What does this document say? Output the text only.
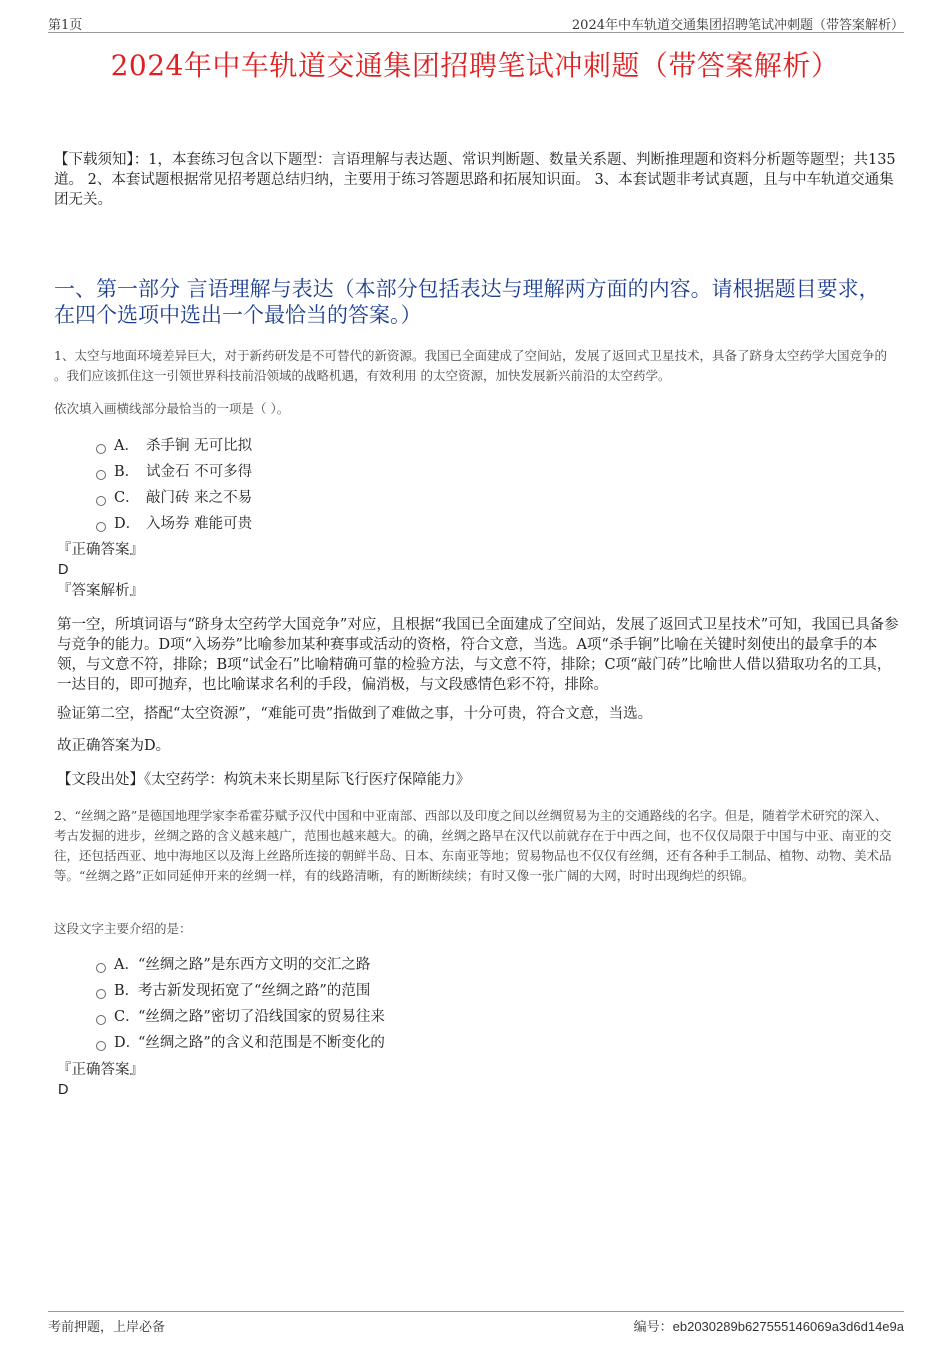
第1页	2024年中车轨道交通集团招聘笔试冲刺题（带答案解析）
2024年中车轨道交通集团招聘笔试冲刺题（带答案解析）
【下载须知】：1，本套练习包含以下题型：言语理解与表达题、常识判断题、数量关系题、判断推理题和资料分析题等题型；共135道。 2、本套试题根据常见招考题总结归纳，主要用于练习答题思路和拓展知识面。 3、本套试题非考试真题，且与中车轨道交通集团无关。
一、第一部分 言语理解与表达（本部分包括表达与理解两方面的内容。请根据题目要求，在四个选项中选出一个最恰当的答案。）
1、太空与地面环境差异巨大，对于新药研发是不可替代的新资源。我国已全面建成了空间站，发展了返回式卫星技术，具备了跻身太空药学大国竞争的 。我们应该抓住这一引领世界科技前沿领域的战略机遇，有效利用 的太空资源，加快发展新兴前沿的太空药学。
依次填入画横线部分最恰当的一项是（ ）。
A． 杀手锏 无可比拟
B． 试金石 不可多得
C． 敲门砖 来之不易
D． 入场券 难能可贵
『正确答案』
D
『答案解析』

第一空，所填词语与“跻身太空药学大国竞争”对应，且根据“我国已全面建成了空间站，发展了返回式卫星技术”可知，我国已具备参与竞争的能力。D项“入场券”比喻参加某种赛事或活动的资格，符合文意，当选。A项“杀手锏”比喻在关键时刻使出的最拿手的本领，与文意不符，排除；B项“试金石”比喻精确可靠的检验方法，与文意不符，排除；C项“敲门砖”比喻世人借以猎取功名的工具，一达目的，即可抛弃，也比喻谋求名利的手段，偏消极，与文段感情色彩不符，排除。

验证第二空，搭配“太空资源”，“难能可贵”指做到了难做之事，十分可贵，符合文意，当选。

故正确答案为D。

【文段出处】《太空药学：构筑未来长期星际飞行医疗保障能力》
2、“丝绸之路”是德国地理学家李希霍芬赋予汉代中国和中亚南部、西部以及印度之间以丝绸贸易为主的交通路线的名字。但是，随着学术研究的深入、考古发掘的进步，丝绸之路的含义越来越广，范围也越来越大。的确，丝绸之路早在汉代以前就存在于中西之间，也不仅仅局限于中国与中亚、南亚的交往，还包括西亚、地中海地区以及海上丝路所连接的朝鲜半岛、日本、东南亚等地；贸易物品也不仅仅有丝绸，还有各种手工制品、植物、动物、美术品等。“丝绸之路”正如同延伸开来的丝绸一样，有的线路清晰，有的断断续续；有时又像一张广阔的大网，时时出现绚烂的织锦。
这段文字主要介绍的是：
A． “丝绸之路”是东西方文明的交汇之路
B．
考古新发现拓宽了“丝绸之路”的范围
C．
“丝绸之路”密切了沿线国家的贸易往来
D．
“丝绸之路”的含义和范围是不断变化的
『正确答案』
D
考前押题，上岸必备	编号：eb2030289b627555146069a3d6d14e9a
